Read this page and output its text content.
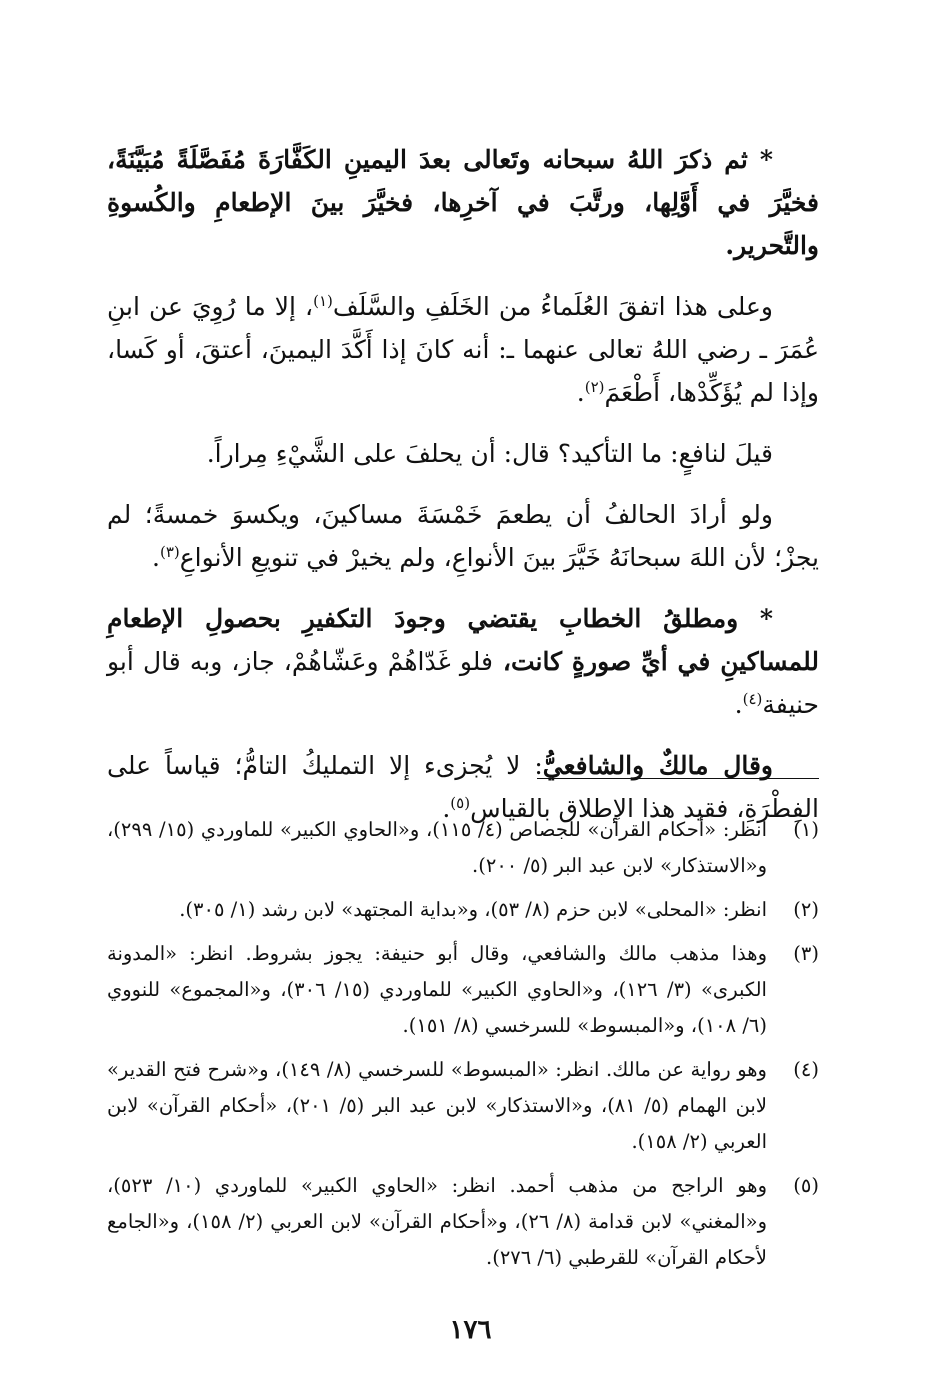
* ثم ذكرَ اللهُ سبحانه وتَعالى بعدَ اليمينِ الكَفَّارَةَ مُفَصَّلَةً مُبَيَّنَةً، فخيَّرَ في أَوَّلِها، ورتَّبَ في آخرِها، فخيَّرَ بينَ الإطعامِ والكُسوةِ والتَّحرير.

وعلى هذا اتفقَ العُلَماءُ من الخَلَفِ والسَّلَف$^{(١)}$، إلا ما رُوِيَ عن ابنِ عُمَرَ ـ رضي اللهُ تعالى عنهما ـ: أنه كانَ إذا أَكَّدَ اليمينَ، أعتقَ، أو كَسا، وإذا لم يُؤَكِّدْها، أَطْعَمَ$^{(٢)}$.

قيلَ لنافعٍ: ما التأكيد؟ قال: أن يحلفَ على الشَّيْءِ مِراراً.

ولو أرادَ الحالفُ أن يطعمَ خَمْسَةَ مساكينَ، ويكسوَ خمسةً؛ لم يجزْ؛ لأن اللهَ سبحانَهُ خَيَّرَ بينَ الأنواعِ، ولم يخيرْ في تنويعِ الأنواعِ$^{(٣)}$.

* ومطلقُ الخطابِ يقتضي وجودَ التكفيرِ بحصولِ الإطعامِ للمساكينِ في أيِّ صورةٍ كانت، فلو غَدّاهُمْ وعَشّاهُمْ، جاز، وبه قال أبو حنيفة$^{(٤)}$.

وقال مالكٌ والشافعيُّ: لا يُجزىء إلا التمليكُ التامُّ؛ قياساً على الفِطْرَةِ، فقيد هذا الإطلاق بالقياس$^{(٥)}$.

(١)
انظر: «أحكام القرآن» للجصاص (٤/ ١١٥)، و«الحاوي الكبير» للماوردي (١٥/ ٢٩٩)، و«الاستذكار» لابن عبد البر (٥/ ٢٠٠).
(٢)
انظر: «المحلى» لابن حزم (٨/ ٥٣)، و«بداية المجتهد» لابن رشد (١/ ٣٠٥).
(٣)
وهذا مذهب مالك والشافعي، وقال أبو حنيفة: يجوز بشروط. انظر: «المدونة الكبرى» (٣/ ١٢٦)، و«الحاوي الكبير» للماوردي (١٥/ ٣٠٦)، و«المجموع» للنووي (٦/ ١٠٨)، و«المبسوط» للسرخسي (٨/ ١٥١).
(٤)
وهو رواية عن مالك. انظر: «المبسوط» للسرخسي (٨/ ١٤٩)، و«شرح فتح القدير» لابن الهمام (٥/ ٨١)، و«الاستذكار» لابن عبد البر (٥/ ٢٠١)، «أحكام القرآن» لابن العربي (٢/ ١٥٨).
(٥)
وهو الراجح من مذهب أحمد. انظر: «الحاوي الكبير» للماوردي (١٠/ ٥٢٣)، و«المغني» لابن قدامة (٨/ ٢٦)، و«أحكام القرآن» لابن العربي (٢/ ١٥٨)، و«الجامع لأحكام القرآن» للقرطبي (٦/ ٢٧٦).
١٧٦
